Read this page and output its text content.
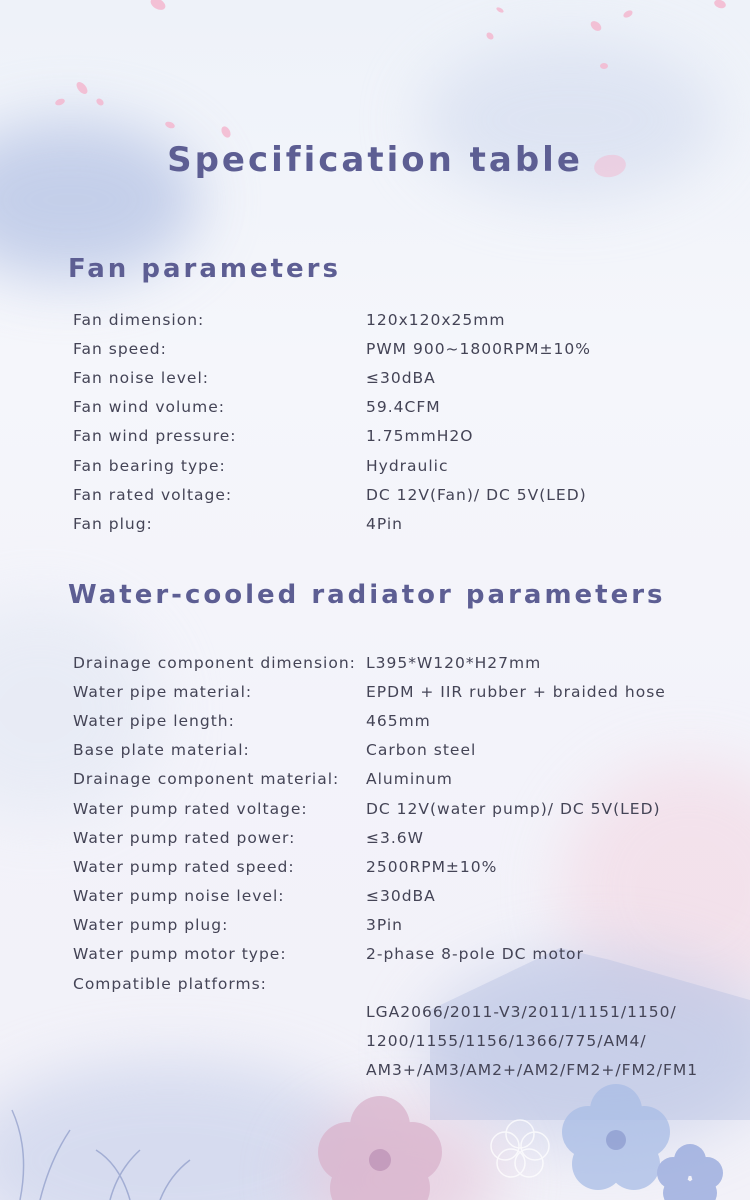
Specification table
Fan parameters
Fan dimension:	120x120x25mm
Fan speed:	PWM 900~1800RPM±10%
Fan noise level:	≤30dBA
Fan wind volume:	59.4CFM
Fan wind pressure:	1.75mmH2O
Fan bearing type:	Hydraulic
Fan rated voltage:	DC 12V(Fan)/ DC 5V(LED)
Fan plug:	4Pin
Water-cooled radiator parameters
Drainage component dimension: L395*W120*H27mm
Water pipe material:	EPDM + IIR rubber + braided hose
Water pipe length:	465mm
Base plate material:	Carbon steel
Drainage component material:	Aluminum
Water pump rated voltage:	DC 12V(water pump)/ DC 5V(LED)
Water pump rated power:	≤3.6W
Water pump rated speed:	2500RPM±10%
Water pump noise level:	≤30dBA
Water pump plug:	3Pin
Water pump motor type:	2-phase 8-pole DC motor
Compatible platforms:
LGA2066/2011-V3/2011/1151/1150/
1200/1155/1156/1366/775/AM4/
AM3+/AM3/AM2+/AM2/FM2+/FM2/FM1
